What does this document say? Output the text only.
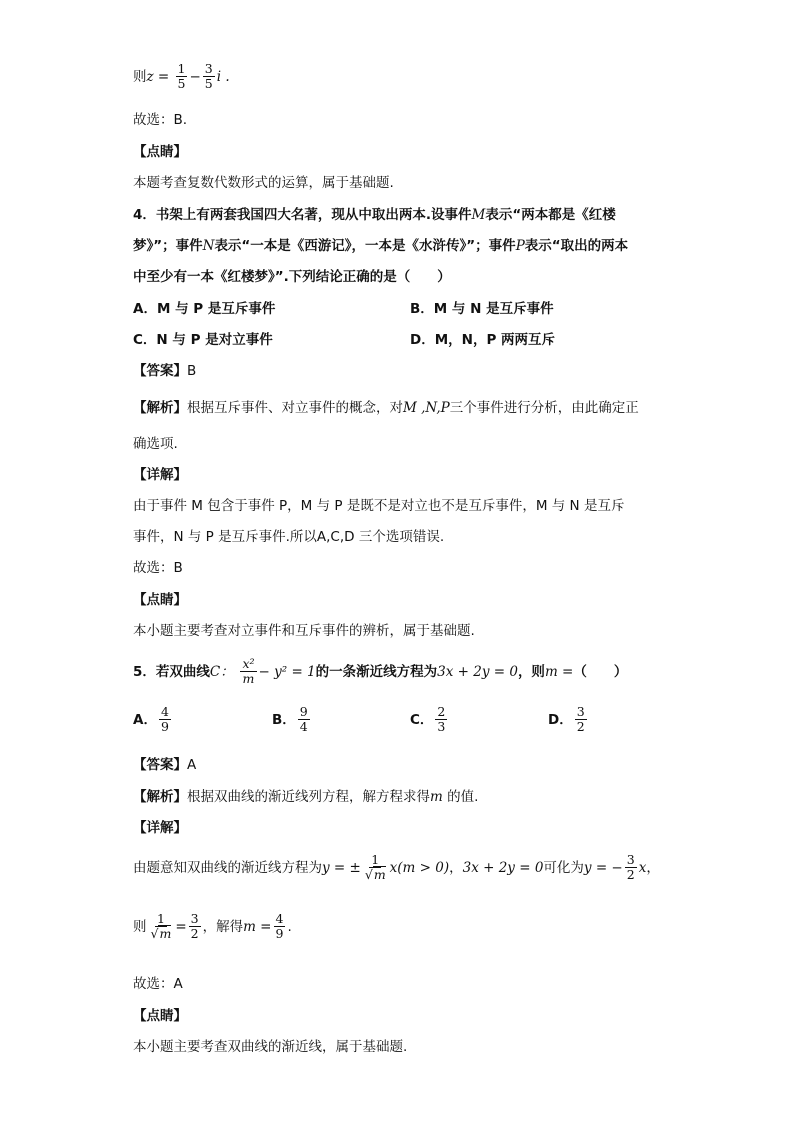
则$z = \frac{1}{5} - \frac{3}{5}$ i .
故选：B.
【点睛】
本题考查复数代数形式的运算，属于基础题.
4．书架上有两套我国四大名著，现从中取出两本.设事件M表示“两本都是《红楼
梦》”；事件N表示“一本是《西游记》，一本是《水浒传》”；事件P表示“取出的两本
中至少有一本《红楼梦》”.下列结论正确的是（　　）
A．M 与 P 是互斥事件	B．M 与 N 是互斥事件
C．N 与 P 是对立事件	D．M，N，P 两两互斥
【答案】B
【解析】根据互斥事件、对立事件的概念，对M ,N,P三个事件进行分析，由此确定正
确选项.
【详解】
由于事件 M 包含于事件 P，M 与 P 是既不是对立也不是互斥事件，M 与 N 是互斥
事件，N 与 P 是互斥事件.所以A,C,D 三个选项错误.
故选：B
【点睛】
本小题主要考查对立事件和互斥事件的辨析，属于基础题.
5．若双曲线C： $\frac{\text{x²}}{m} - y^2 = 1$的一条渐近线方程为3x + 2y = 0，则m =（　　）
A． $\frac{4}{9}$	B． $\frac{9}{4}$	C． $\frac{2}{3}$	D． $\frac{3}{2}$
【答案】A
【解析】根据双曲线的渐近线列方程，解方程求得m 的值.
【详解】
由题意知双曲线的渐近线方程为y = ± $\frac{1}{√m} x(m > 0)$，3x + 2y = 0可化为y = − $\frac{3}{2}$ x，
则 $\frac{1}{√m} = \frac{3}{2}$ ，解得$m = \frac{4}{9}$ .
故选：A
【点睛】
本小题主要考查双曲线的渐近线，属于基础题.
